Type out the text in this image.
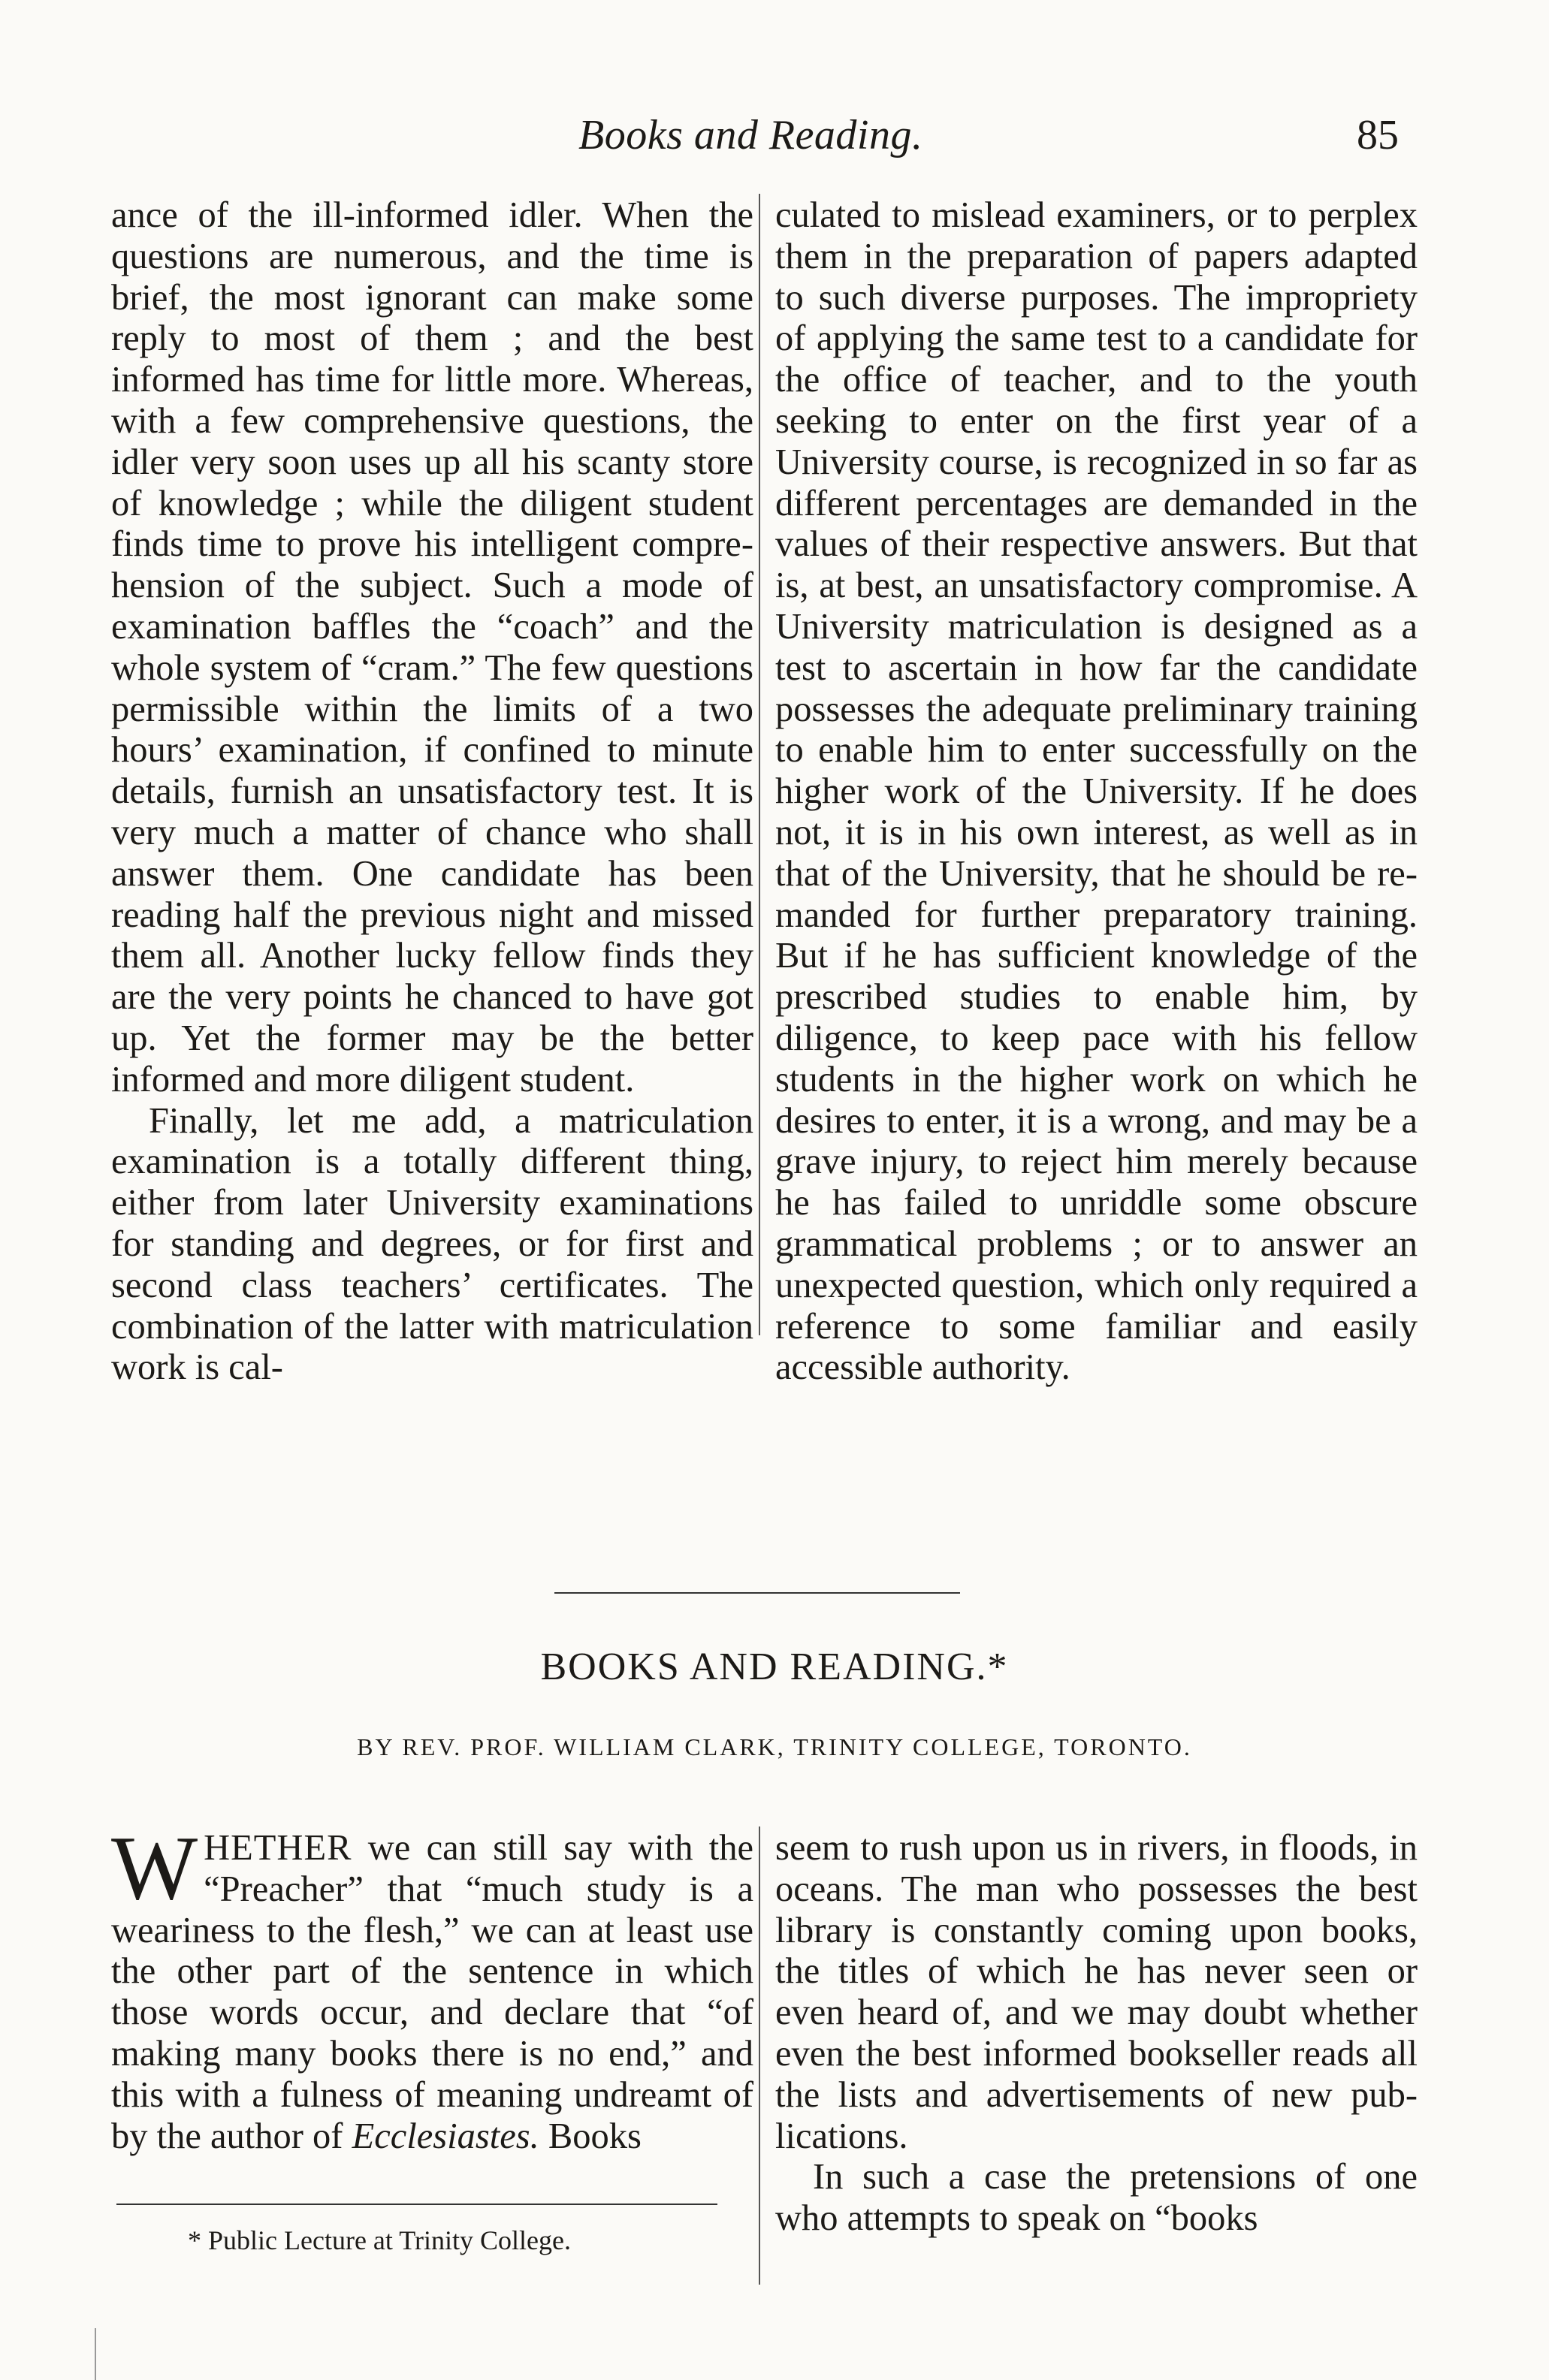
Books and Reading.	85

ance of the ill-informed idler. When the questions are numerous, and the time is brief, the most ignorant can make some reply to most of them ; and the best informed has time for little more. Whereas, with a few comprehensive questions, the idler very soon uses up all his scanty store of knowledge ; while the diligent student finds time to prove his intelligent comprehension of the subject. Such a mode of examination baffles the “coach” and the whole system of “cram.” The few questions permissible within the limits of a two hours’ examination, if confined to minute details, furnish an unsatisfactory test. It is very much a matter of chance who shall answer them. One candidate has been reading half the previous night and missed them all. Another lucky fellow finds they are the very points he chanced to have got up. Yet the former may be the better informed and more diligent student.

Finally, let me add, a matriculation examination is a totally different thing, either from later University examinations for standing and degrees, or for first and second class teachers’ certificates. The combination of the latter with matriculation work is cal-

culated to mislead examiners, or to perplex them in the preparation of papers adapted to such diverse purposes. The impropriety of applying the same test to a candidate for the office of teacher, and to the youth seeking to enter on the first year of a University course, is recognized in so far as different percentages are demanded in the values of their respective answers. But that is, at best, an unsatisfactory compromise. A University matriculation is designed as a test to ascertain in how far the candidate possesses the adequate preliminary training to enable him to enter successfully on the higher work of the University. If he does not, it is in his own interest, as well as in that of the University, that he should be remanded for further preparatory training. But if he has sufficient knowledge of the prescribed studies to enable him, by diligence, to keep pace with his fellow students in the higher work on which he desires to enter, it is a wrong, and may be a grave injury, to reject him merely because he has failed to unriddle some obscure grammatical problems ; or to answer an unexpected question, which only required a reference to some familiar and easily accessible authority.

BOOKS AND READING.*
BY REV. PROF. WILLIAM CLARK, TRINITY COLLEGE, TORONTO.

WHETHER we can still say with the “Preacher” that “much study is a weariness to the flesh,” we can at least use the other part of the sentence in which those words occur, and declare that “of making many books there is no end,” and this with a fulness of meaning undreamt of by the author of Ecclesiastes. Books

seem to rush upon us in rivers, in floods, in oceans. The man who possesses the best library is constantly coming upon books, the titles of which he has never seen or even heard of, and we may doubt whether even the best informed bookseller reads all the lists and advertisements of new publications.

In such a case the pretensions of one who attempts to speak on “books

* Public Lecture at Trinity College.
